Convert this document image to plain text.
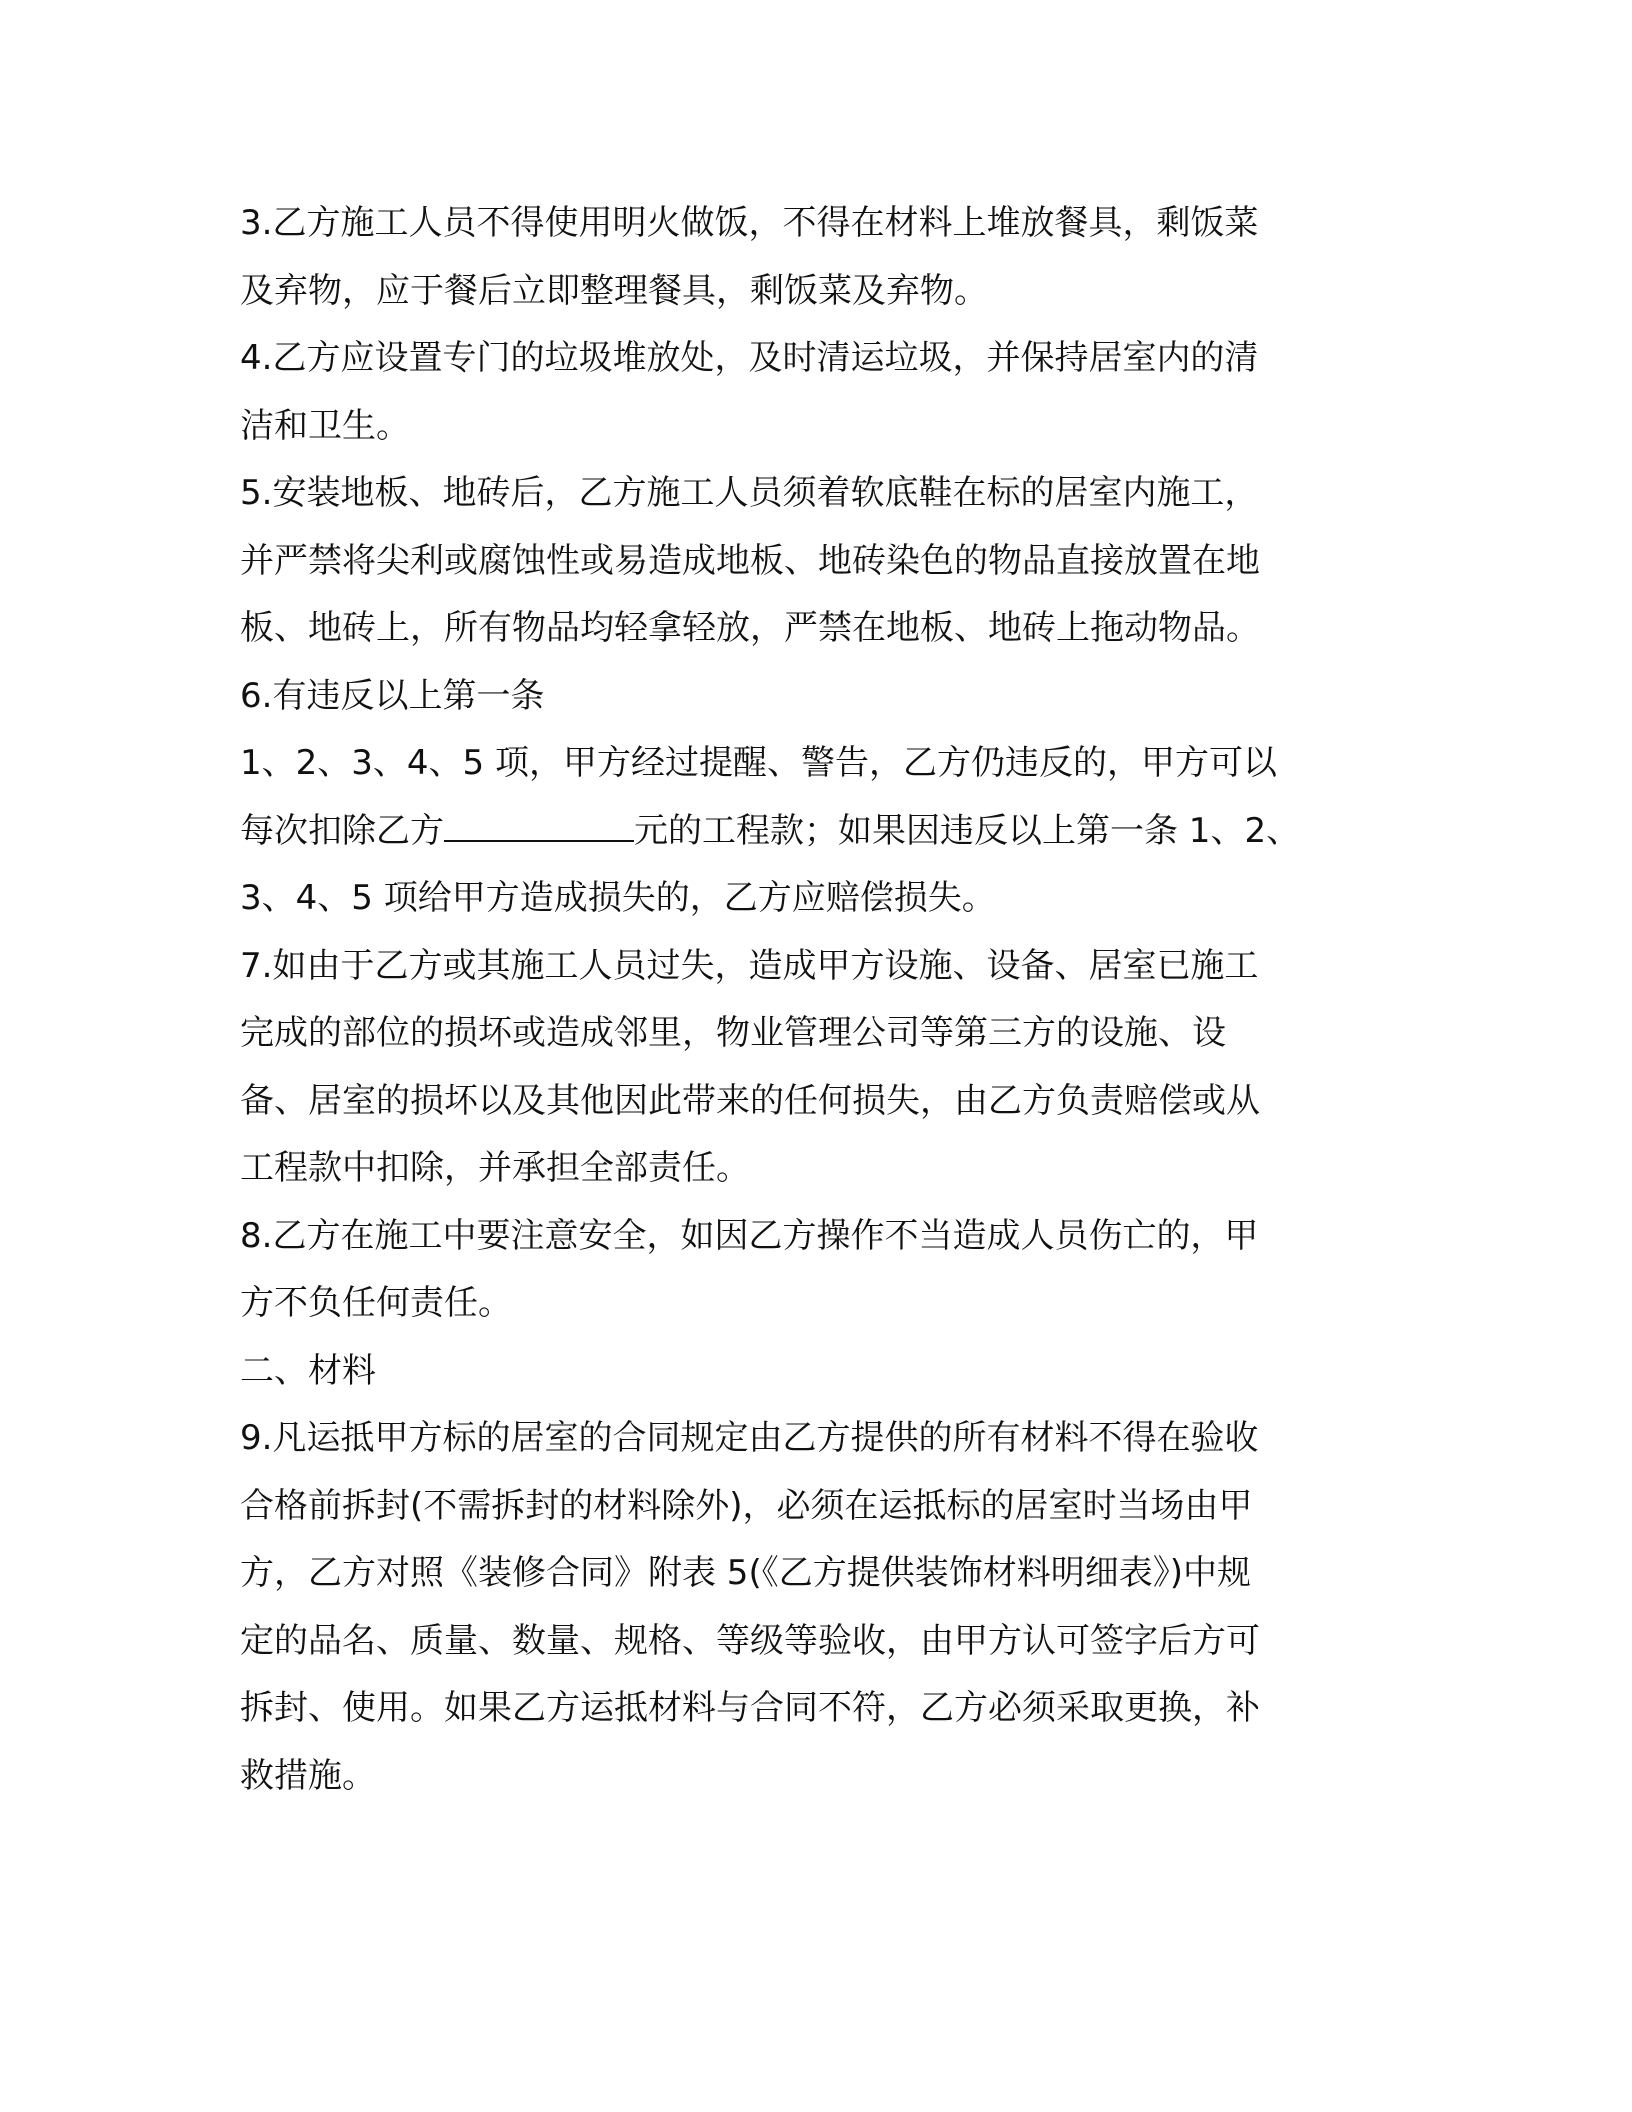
3.乙方施工人员不得使用明火做饭，不得在材料上堆放餐具，剩饭菜
及弃物，应于餐后立即整理餐具，剩饭菜及弃物。
4.乙方应设置专门的垃圾堆放处，及时清运垃圾，并保持居室内的清
洁和卫生。
5.安装地板、地砖后，乙方施工人员须着软底鞋在标的居室内施工，
并严禁将尖利或腐蚀性或易造成地板、地砖染色的物品直接放置在地
板、地砖上，所有物品均轻拿轻放，严禁在地板、地砖上拖动物品。
6.有违反以上第一条
1、2、3、4、5 项，甲方经过提醒、警告，乙方仍违反的，甲方可以
每次扣除乙方	元的工程款；如果因违反以上第一条 1、2、
3、4、5 项给甲方造成损失的，乙方应赔偿损失。
7.如由于乙方或其施工人员过失，造成甲方设施、设备、居室已施工
完成的部位的损坏或造成邻里，物业管理公司等第三方的设施、设
备、居室的损坏以及其他因此带来的任何损失，由乙方负责赔偿或从
工程款中扣除，并承担全部责任。
8.乙方在施工中要注意安全，如因乙方操作不当造成人员伤亡的，甲
方不负任何责任。
二、材料
9.凡运抵甲方标的居室的合同规定由乙方提供的所有材料不得在验收
合格前拆封(不需拆封的材料除外)，必须在运抵标的居室时当场由甲
方，乙方对照《装修合同》附表 5(《乙方提供装饰材料明细表》)中规
定的品名、质量、数量、规格、等级等验收，由甲方认可签字后方可
拆封、使用。如果乙方运抵材料与合同不符，乙方必须采取更换，补
救措施。
